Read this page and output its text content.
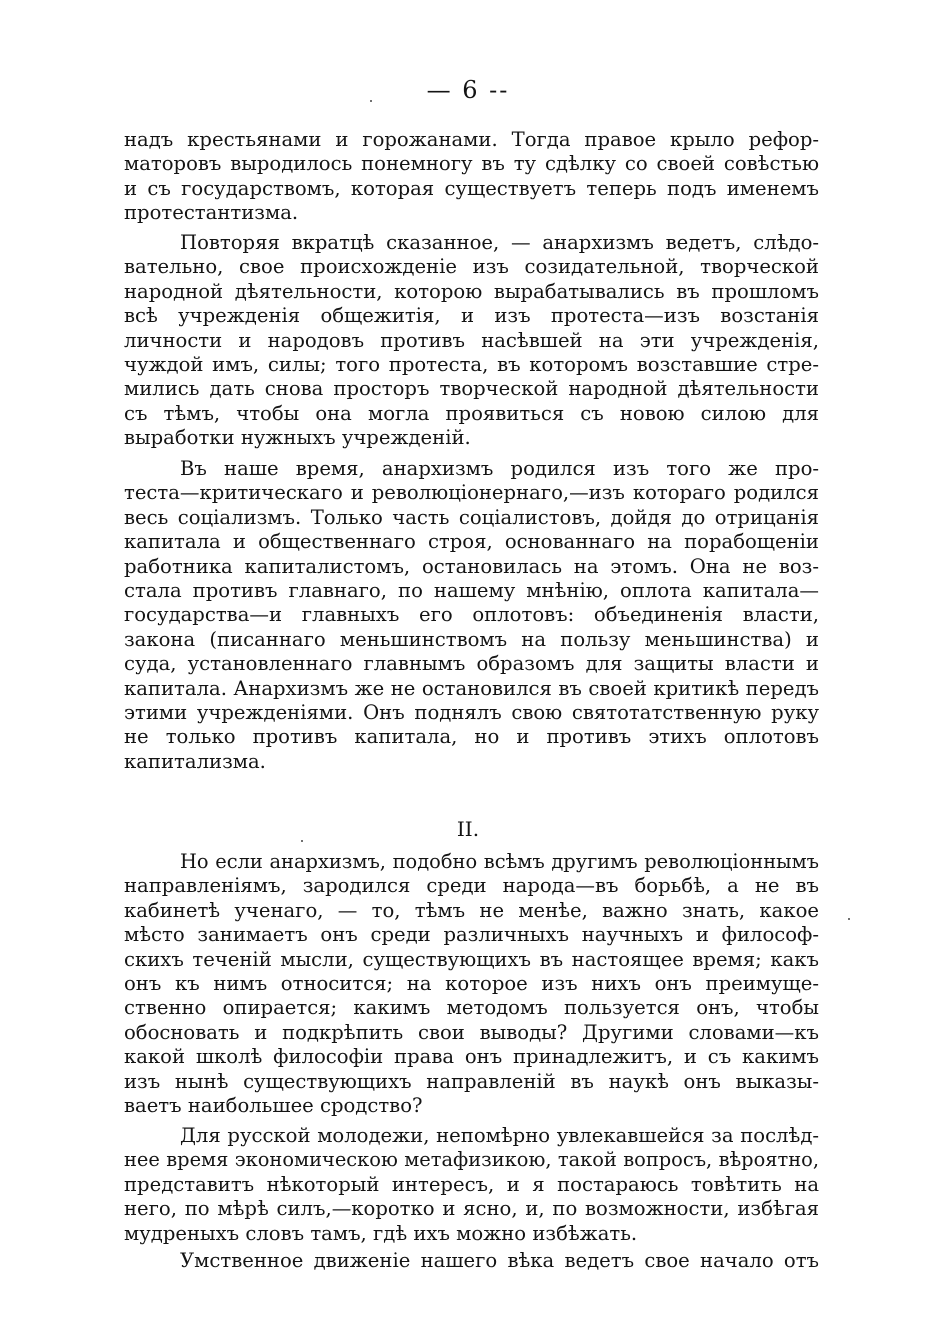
— 6 --
надъ крестьянами и горожанами. Тогда правое крыло рефор-
маторовъ выродилось понемногу въ ту сдѣлку со своей совѣстью
и съ государствомъ, которая существуетъ теперь подъ именемъ
протестантизма.
Повторяя вкратцѣ сказанное, — анархизмъ ведетъ, слѣдо-
вательно, свое происхожденіе изъ созидательной, творческой
народной дѣятельности, которою вырабатывались въ прошломъ
всѣ учрежденія общежитія, и изъ протеста—изъ возстанія
личности и народовъ противъ насѣвшей на эти учрежденія,
чуждой имъ, силы; того протеста, въ которомъ возставшие стре-
мились дать снова просторъ творческой народной дѣятельности
съ тѣмъ, чтобы она могла проявиться съ новою силою для
выработки нужныхъ учрежденій.
Въ наше время, анархизмъ родился изъ того же про-
теста—критическаго и революціонернаго,—изъ котораго родился
весь соціализмъ. Только часть соціалистовъ, дойдя до отрицанія
капитала и общественнаго строя, основаннаго на порабощеніи
работника капиталистомъ, остановилась на этомъ. Она не воз-
стала противъ главнаго, по нашему мнѣнію, оплота капитала—
государства—и главныхъ его оплотовъ: объединенія власти,
закона (писаннаго меньшинствомъ на пользу меньшинства) и
суда, установленнаго главнымъ образомъ для защиты власти и
капитала. Анархизмъ же не остановился въ своей критикѣ передъ
этими учрежденіями. Онъ поднялъ свою святотатственную руку
не только противъ капитала, но и противъ этихъ оплотовъ
капитализма.
II.
Но если анархизмъ, подобно всѣмъ другимъ революціоннымъ
направленіямъ, зародился среди народа—въ борьбѣ, а не въ
кабинетѣ ученаго, — то, тѣмъ не менѣе, важно знать, какое
мѣсто занимаетъ онъ среди различныхъ научныхъ и философ-
скихъ теченій мысли, существующихъ въ настоящее время; какъ
онъ къ нимъ относится; на которое изъ нихъ онъ преимуще-
ственно опирается; какимъ методомъ пользуется онъ, чтобы
обосновать и подкрѣпить свои выводы? Другими словами—къ
какой школѣ философіи права онъ принадлежитъ, и съ какимъ
изъ нынѣ существующихъ направленій въ наукѣ онъ выказы-
ваетъ наибольшее сродство?
Для русской молодежи, непомѣрно увлекавшейся за послѣд-
нее время экономическою метафизикою, такой вопросъ, вѣроятно,
представитъ нѣкоторый интересъ, и я постараюсь товѣтить на
него, по мѣрѣ силъ,—коротко и ясно, и, по возможности, избѣгая
мудреныхъ словъ тамъ, гдѣ ихъ можно избѣжать.
Умственное движеніе нашего вѣка ведетъ свое начало отъ
